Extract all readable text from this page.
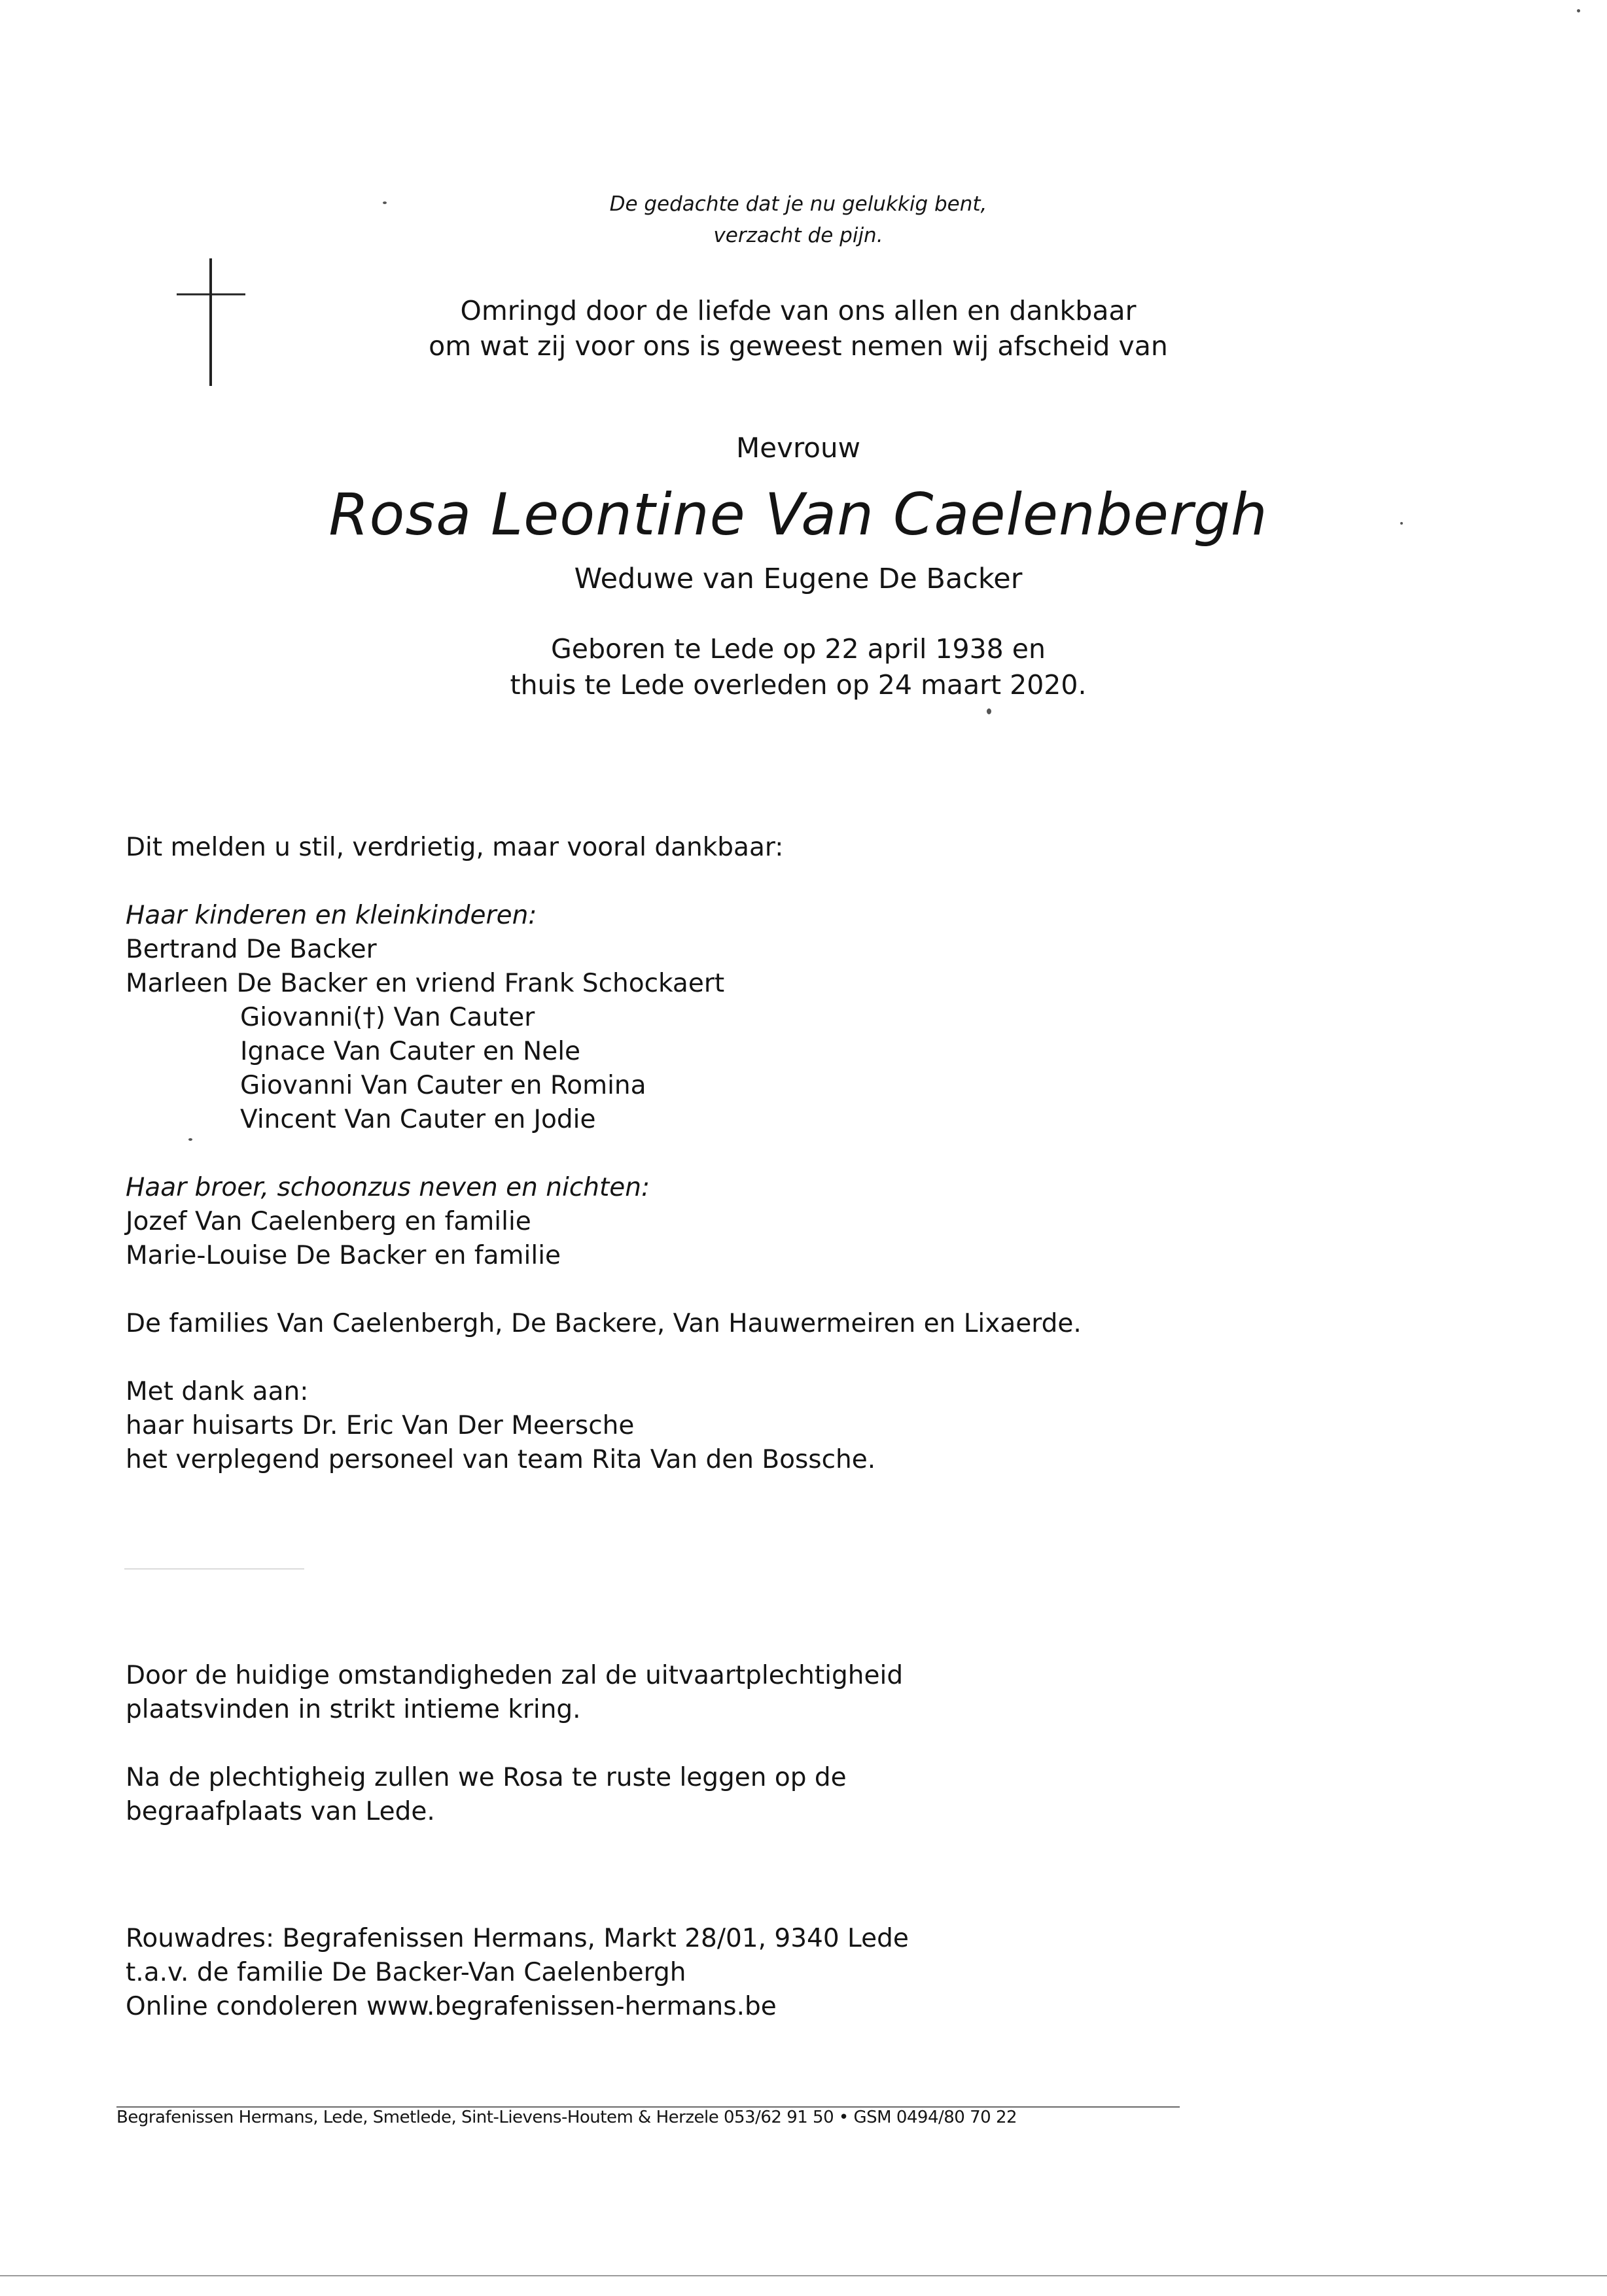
De gedachte dat je nu gelukkig bent,
verzacht de pijn.
Omringd door de liefde van ons allen en dankbaar
om wat zij voor ons is geweest nemen wij afscheid van
Mevrouw
Rosa Leontine Van Caelenbergh
Weduwe van Eugene De Backer
Geboren te Lede op 22 april 1938 en
thuis te Lede overleden op 24 maart 2020.
Dit melden u stil, verdrietig, maar vooral dankbaar:
Haar kinderen en kleinkinderen:
Bertrand De Backer
Marleen De Backer en vriend Frank Schockaert
Giovanni(†) Van Cauter
Ignace Van Cauter en Nele
Giovanni Van Cauter en Romina
Vincent Van Cauter en Jodie
Haar broer, schoonzus neven en nichten:
Jozef Van Caelenberg en familie
Marie-Louise De Backer en familie
De families Van Caelenbergh, De Backere, Van Hauwermeiren en Lixaerde.
Met dank aan:
haar huisarts Dr. Eric Van Der Meersche
het verplegend personeel van team Rita Van den Bossche.
Door de huidige omstandigheden zal de uitvaartplechtigheid
plaatsvinden in strikt intieme kring.
Na de plechtigheig zullen we Rosa te ruste leggen op de
begraafplaats van Lede.
Rouwadres: Begrafenissen Hermans, Markt 28/01, 9340 Lede
t.a.v. de familie De Backer-Van Caelenbergh
Online condoleren www.begrafenissen-hermans.be
Begrafenissen Hermans, Lede, Smetlede, Sint-Lievens-Houtem & Herzele 053/62 91 50 • GSM 0494/80 70 22
